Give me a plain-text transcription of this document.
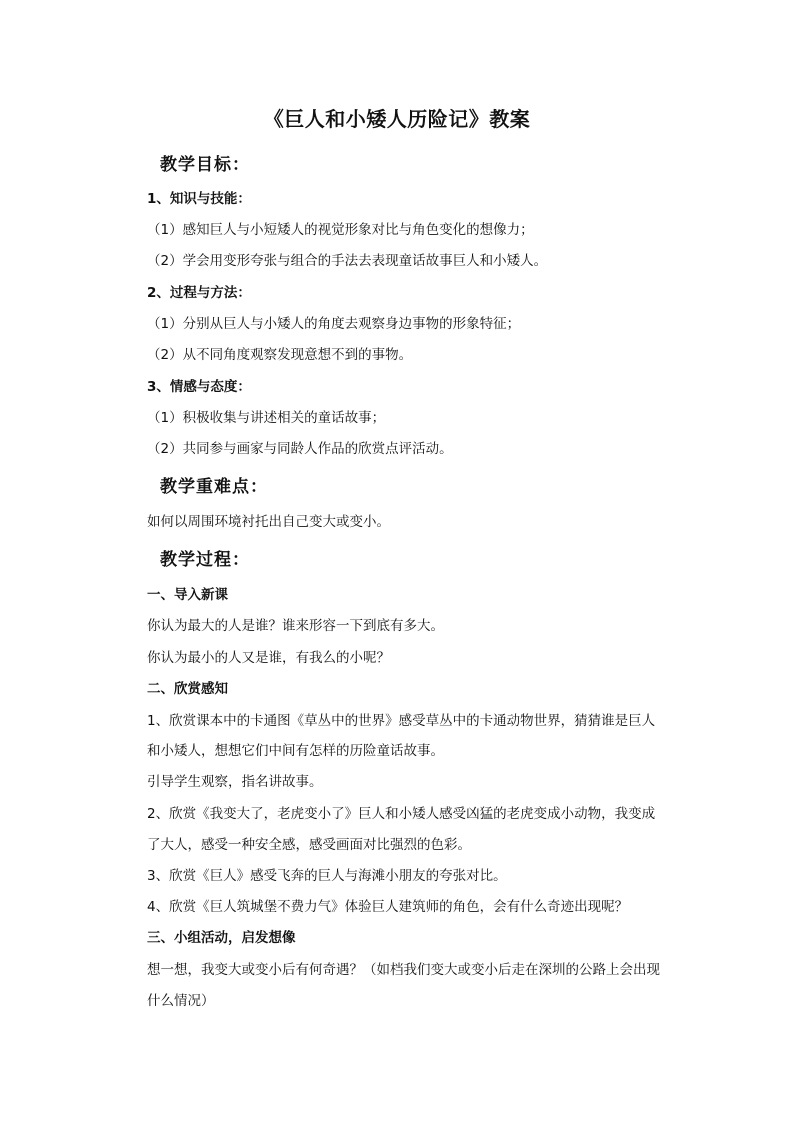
《巨人和小矮人历险记》教案
教学目标：
1、知识与技能：
（1）感知巨人与小短矮人的视觉形象对比与角色变化的想像力；
（2）学会用变形夸张与组合的手法去表现童话故事巨人和小矮人。
2、过程与方法：
（1）分别从巨人与小矮人的角度去观察身边事物的形象特征；
（2）从不同角度观察发现意想不到的事物。
3、情感与态度：
（1）积极收集与讲述相关的童话故事；
（2）共同参与画家与同龄人作品的欣赏点评活动。
教学重难点：
如何以周围环境衬托出自己变大或变小。
教学过程：
一、导入新课
你认为最大的人是谁？谁来形容一下到底有多大。
你认为最小的人又是谁，有我么的小呢？
二、欣赏感知
1、欣赏课本中的卡通图《草丛中的世界》感受草丛中的卡通动物世界，猜猜谁是巨人
和小矮人，想想它们中间有怎样的历险童话故事。
引导学生观察，指名讲故事。
2、欣赏《我变大了，老虎变小了》巨人和小矮人感受凶猛的老虎变成小动物，我变成
了大人，感受一种安全感，感受画面对比强烈的色彩。
3、欣赏《巨人》感受飞奔的巨人与海滩小朋友的夸张对比。
4、欣赏《巨人筑城堡不费力气》体验巨人建筑师的角色，会有什么奇迹出现呢？
三、小组活动，启发想像
想一想，我变大或变小后有何奇遇？（如档我们变大或变小后走在深圳的公路上会出现
什么情况）
